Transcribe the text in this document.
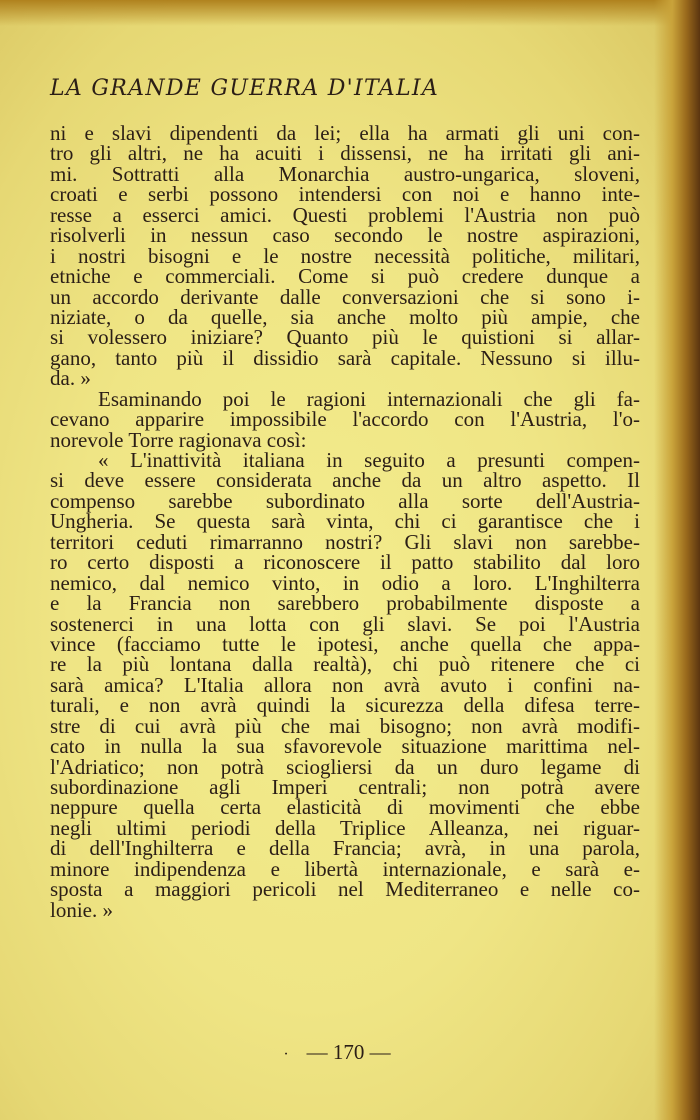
LA GRANDE GUERRA D'ITALIA
ni e slavi dipendenti da lei; ella ha armati gli uni con-
tro gli altri, ne ha acuiti i dissensi, ne ha irritati gli ani-
mi. Sottratti alla Monarchia austro-ungarica, sloveni,
croati e serbi possono intendersi con noi e hanno inte-
resse a esserci amici. Questi problemi l'Austria non può
risolverli in nessun caso secondo le nostre aspirazioni,
i nostri bisogni e le nostre necessità politiche, militari,
etniche e commerciali. Come si può credere dunque a
un accordo derivante dalle conversazioni che si sono i-
niziate, o da quelle, sia anche molto più ampie, che
si volessero iniziare? Quanto più le quistioni si allar-
gano, tanto più il dissidio sarà capitale. Nessuno si illu-
da. »
Esaminando poi le ragioni internazionali che gli fa-
cevano apparire impossibile l'accordo con l'Austria, l'o-
norevole Torre ragionava così:
« L'inattività italiana in seguito a presunti compen-
si deve essere considerata anche da un altro aspetto. Il
compenso sarebbe subordinato alla sorte dell'Austria-
Ungheria. Se questa sarà vinta, chi ci garantisce che i
territori ceduti rimarranno nostri? Gli slavi non sarebbe-
ro certo disposti a riconoscere il patto stabilito dal loro
nemico, dal nemico vinto, in odio a loro. L'Inghilterra
e la Francia non sarebbero probabilmente disposte a
sostenerci in una lotta con gli slavi. Se poi l'Austria
vince (facciamo tutte le ipotesi, anche quella che appa-
re la più lontana dalla realtà), chi può ritenere che ci
sarà amica? L'Italia allora non avrà avuto i confini na-
turali, e non avrà quindi la sicurezza della difesa terre-
stre di cui avrà più che mai bisogno; non avrà modifi-
cato in nulla la sua sfavorevole situazione marittima nel-
l'Adriatico; non potrà sciogliersi da un duro legame di
subordinazione agli Imperi centrali; non potrà avere
neppure quella certa elasticità di movimenti che ebbe
negli ultimi periodi della Triplice Alleanza, nei riguar-
di dell'Inghilterra e della Francia; avrà, in una parola,
minore indipendenza e libertà internazionale, e sarà e-
sposta a maggiori pericoli nel Mediterraneo e nelle co-
lonie. »
· — 170 —
